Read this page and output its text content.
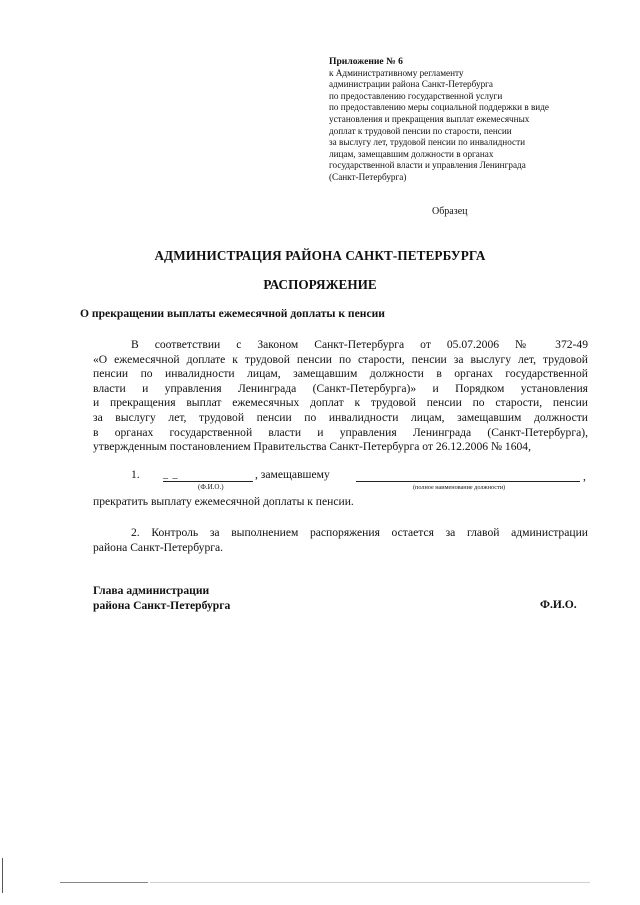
Приложение № 6
к Административному регламенту
администрации района Санкт-Петербурга
по предоставлению государственной услуги
по предоставлению меры социальной поддержки в виде
установления и прекращения выплат ежемесячных
доплат к трудовой пенсии по старости, пенсии
за выслугу лет, трудовой пенсии по инвалидности
лицам, замещавшим должности в органах
государственной власти и управления Ленинграда
(Санкт-Петербурга)
Образец
АДМИНИСТРАЦИЯ РАЙОНА САНКТ-ПЕТЕРБУРГА
РАСПОРЯЖЕНИЕ
О прекращении выплаты ежемесячной доплаты к пенсии
В соответствии с Законом Санкт-Петербурга от 05.07.2006 № 372-49
«О ежемесячной доплате к трудовой пенсии по старости, пенсии за выслугу лет, трудовой
пенсии по инвалидности лицам, замещавшим должности в органах государственной
власти и управления Ленинграда (Санкт-Петербурга)» и Порядком установления
и прекращения выплат ежемесячных доплат к трудовой пенсии по старости, пенсии
за выслугу лет, трудовой пенсии по инвалидности лицам, замещавшим должности
в органах государственной власти и управления Ленинграда (Санкт-Петербурга),
утвержденным постановлением Правительства Санкт-Петербурга от 26.12.2006 № 1604,
1. _ _	, замещавшему	,
(Ф.И.О.)	(полное наименование должности)
прекратить выплату ежемесячной доплаты к пенсии.
2. Контроль за выполнением распоряжения остается за главой администрации
района Санкт-Петербурга.
Глава администрации
района Санкт-Петербурга	Ф.И.О.
